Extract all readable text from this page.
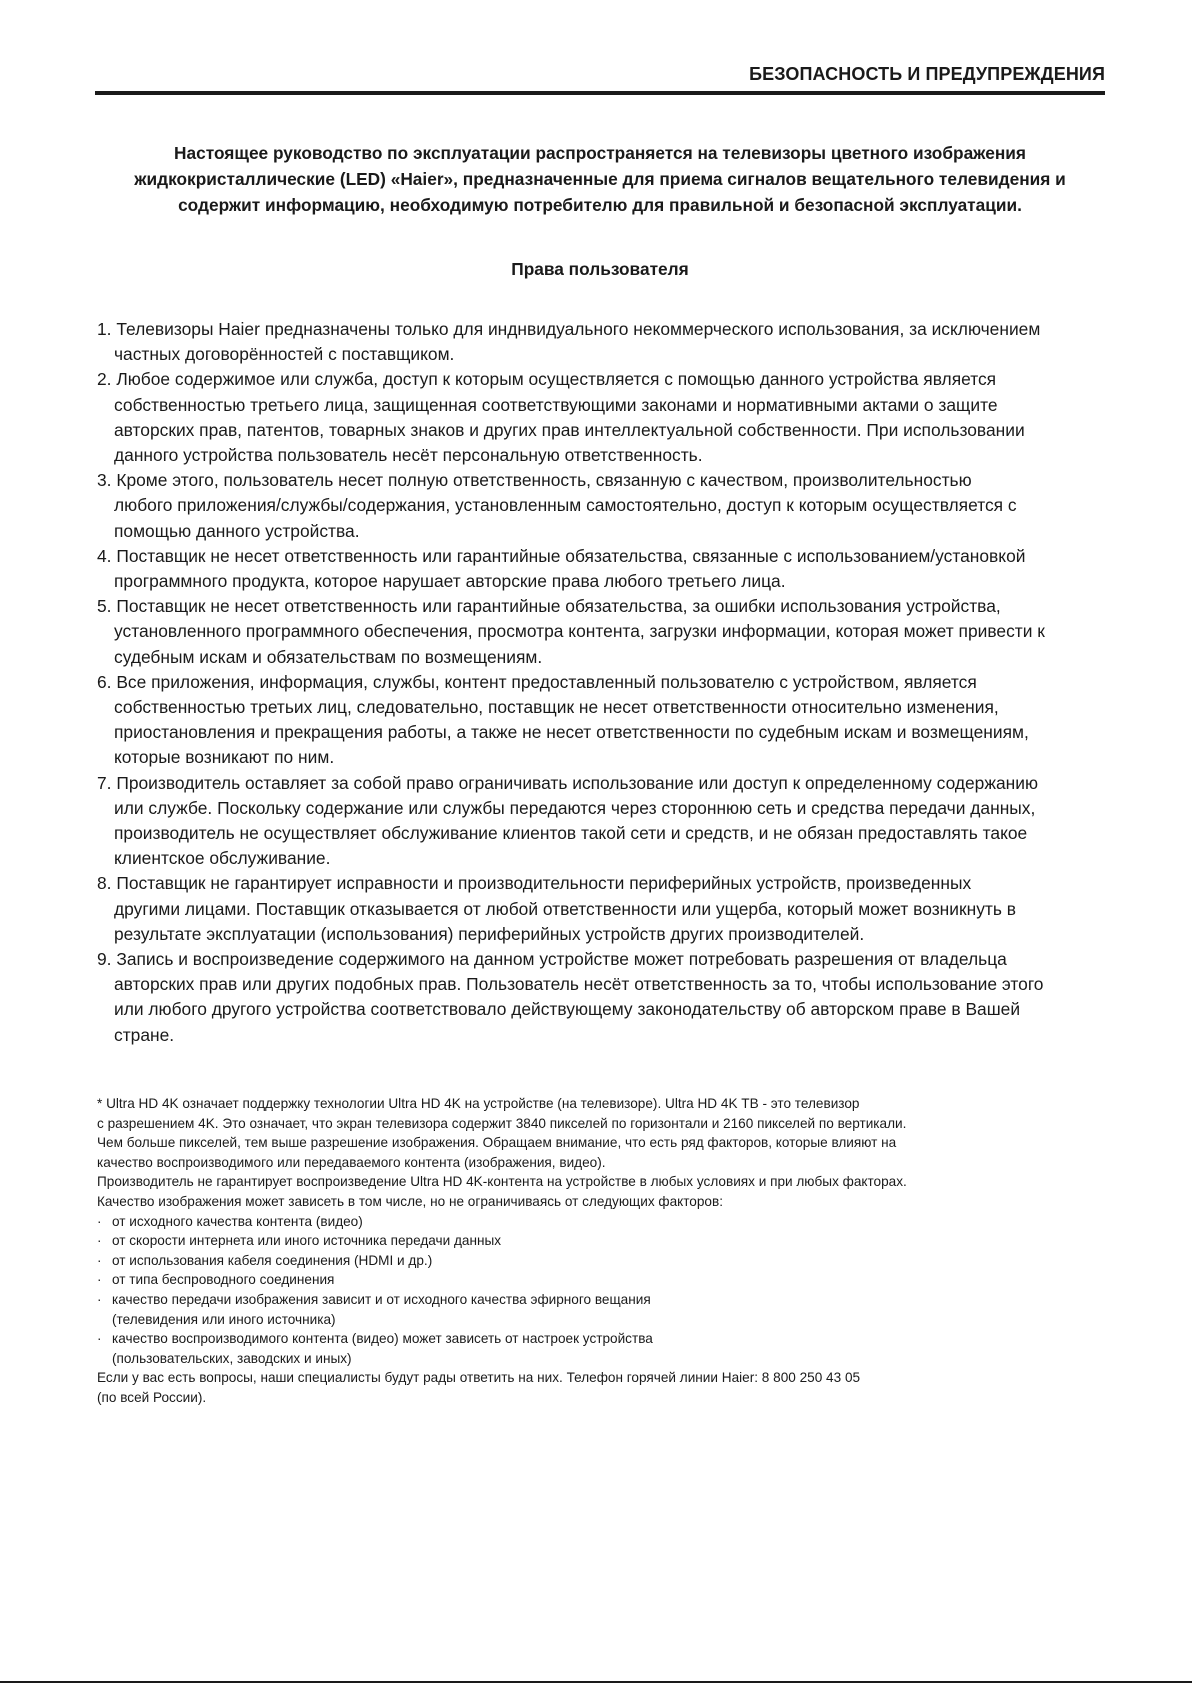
БЕЗОПАСНОСТЬ И ПРЕДУПРЕЖДЕНИЯ
Настоящее руководство по эксплуатации распространяется на телевизоры цветного изображения
жидкокристаллические (LED) «Haier», предназначенные для приема сигналов вещательного телевидения и
содержит информацию, необходимую потребителю для правильной и безопасной эксплуатации.
Права пользователя
1. Телевизоры Haier предназначены только для инднвидуального некоммерческого использования, за исключением
частных договорённостей с поставщиком.
2. Любое содержимое или служба, доступ к которым осуществляется с помощью данного устройства является
собственностью третьего лица, защищенная соответствующими законами и нормативными актами о защите
авторских прав, патентов, товарных знаков и других прав интеллектуальной собственности. При использовании
данного устройства пользователь несёт персональную ответственность.
3. Кроме этого, пользователь несет полную ответственность, связанную с качеством, произволительностью
любого приложения/службы/содержания, установленным самостоятельно, доступ к которым осуществляется с
помощью данного устройства.
4. Поставщик не несет ответственность или гарантийные обязательства, связанные с использованием/установкой
программного продукта, которое нарушает авторские права любого третьего лица.
5. Поставщик не несет ответственность или гарантийные обязательства, за ошибки использования устройства,
установленного программного обеспечения, просмотра контента, загрузки информации, которая может привести к
судебным искам и обязательствам по возмещениям.
6. Все приложения, информация, службы, контент предоставленный пользователю с устройством, является
собственностью третьих лиц, следовательно, поставщик не несет ответственности относительно изменения,
приостановления и прекращения работы, а также не несет ответственности по судебным искам и возмещениям,
которые возникают по ним.
7. Производитель оставляет за собой право ограничивать использование или доступ к определенному содержанию
или службе. Поскольку содержание или службы передаются через стороннюю сеть и средства передачи данных,
производитель не осуществляет обслуживание клиентов такой сети и средств, и не обязан предоставлять такое
клиентское обслуживание.
8. Поставщик не гарантирует исправности и производительности периферийных устройств, произведенных
другими лицами. Поставщик отказывается от любой ответственности или ущерба, который может возникнуть в
результате эксплуатации (использования) периферийных устройств других производителей.
9. Запись и воспроизведение содержимого на данном устройстве может потребовать разрешения от владельца
авторских прав или других подобных прав. Пользователь несёт ответственность за то, чтобы использование этого
или любого другого устройства соответствовало действующему законодательству об авторском праве в Вашей
стране.
* Ultra HD 4K означает поддержку технологии Ultra HD 4K на устройстве (на телевизоре). Ultra HD 4K ТВ - это телевизор
с разрешением 4K. Это означает, что экран телевизора содержит 3840 пикселей по горизонтали и 2160 пикселей по вертикали.
Чем больше пикселей, тем выше разрешение изображения. Обращаем внимание, что есть ряд факторов, которые влияют на
качество воспроизводимого или передаваемого контента (изображения, видео).
Производитель не гарантирует воспроизведение Ultra HD 4K-контента на устройстве в любых условиях и при любых факторах.
Качество изображения может зависеть в том числе, но не ограничиваясь от следующих факторов:
· от исходного качества контента (видео)
· от скорости интернета или иного источника передачи данных
· от использования кабеля соединения (HDMI и др.)
· от типа беспроводного соединения
· качество передачи изображения зависит и от исходного качества эфирного вещания
(телевидения или иного источника)
· качество воспроизводимого контента (видео) может зависеть от настроек устройства
(пользовательских, заводских и иных)
Если у вас есть вопросы, наши специалисты будут рады ответить на них. Телефон горячей линии Haier: 8 800 250 43 05
(по всей России).
